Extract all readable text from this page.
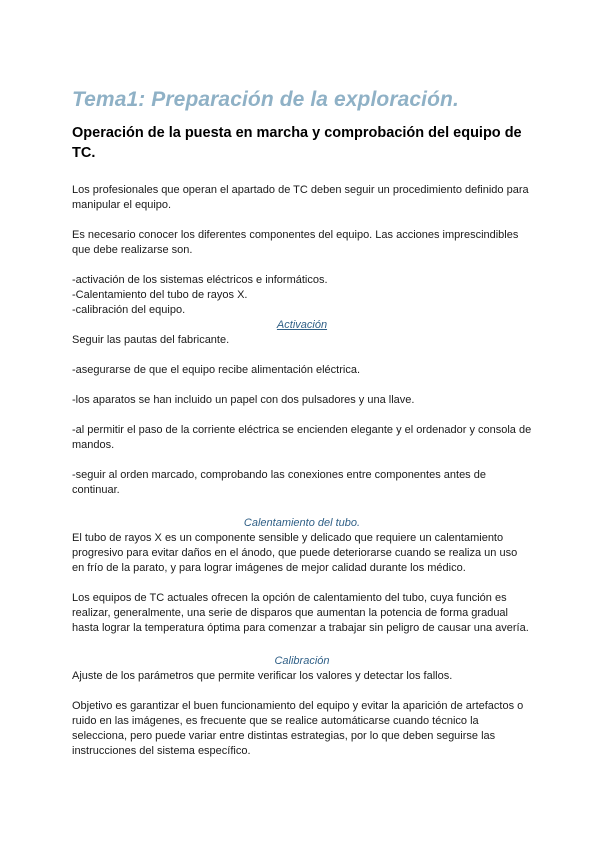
Tema1: Preparación de la exploración.
Operación de la puesta en marcha y comprobación del equipo de TC.

Los profesionales que operan el apartado de TC deben seguir un procedimiento definido para manipular el equipo.

Es necesario conocer los diferentes componentes del equipo. Las acciones imprescindibles que debe realizarse son.

-activación de los sistemas eléctricos e informáticos.

-Calentamiento del tubo de rayos X.

-calibración del equipo.

Activación

Seguir las pautas del fabricante.

-asegurarse de que el equipo recibe alimentación eléctrica.

-los aparatos se han incluido un papel con dos pulsadores y una llave.

-al permitir el paso de la corriente eléctrica se encienden elegante y el ordenador y consola de mandos.

-seguir al orden marcado, comprobando las conexiones entre componentes antes de continuar.

Calentamiento del tubo.

El tubo de rayos X es un componente sensible y delicado que requiere un calentamiento progresivo para evitar daños en el ánodo, que puede deteriorarse cuando se realiza un uso en frío de la parato, y para lograr imágenes de mejor calidad durante los médico.

Los equipos de TC actuales ofrecen la opción de calentamiento del tubo, cuya función es realizar, generalmente, una serie de disparos que aumentan la potencia de forma gradual hasta lograr la temperatura óptima para comenzar a trabajar sin peligro de causar una avería.

Calibración

Ajuste de los parámetros que permite verificar los valores y detectar los fallos.

Objetivo es garantizar el buen funcionamiento del equipo y evitar la aparición de artefactos o ruido en las imágenes, es frecuente que se realice automáticarse cuando técnico la selecciona, pero puede variar entre distintas estrategias, por lo que deben seguirse las instrucciones del sistema específico.
